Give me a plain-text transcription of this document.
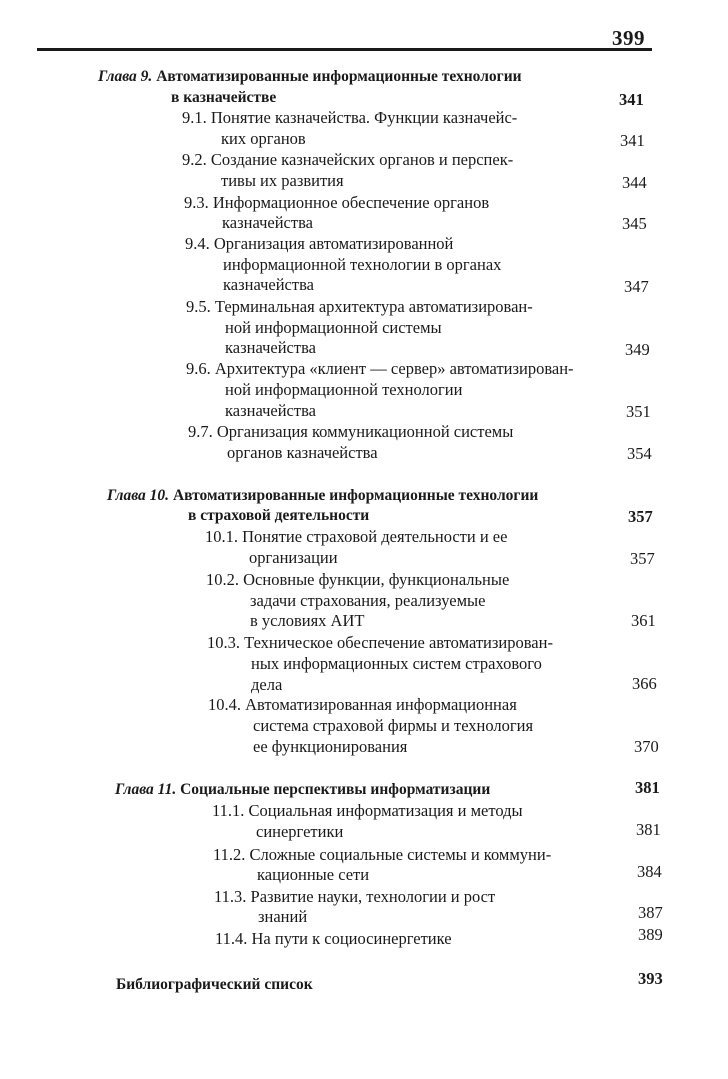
399
Глава 9. Автоматизированные информационные технологии
в казначействе	341
9.1. Понятие казначейства. Функции казначейс-
ких органов	341
9.2. Создание казначейских органов и перспек-
тивы их развития	344
9.3. Информационное обеспечение органов
казначейства	345
9.4. Организация автоматизированной
информационной технологии в органах
казначейства	347
9.5. Терминальная архитектура автоматизирован-
ной информационной системы
казначейства	349
9.6. Архитектура «клиент — сервер» автоматизирован-
ной информационной технологии
казначейства	351
9.7. Организация коммуникационной системы
органов казначейства	354
Глава 10. Автоматизированные информационные технологии
в страховой деятельности	357
10.1. Понятие страховой деятельности и ее
организации	357
10.2. Основные функции, функциональные
задачи страхования, реализуемые
в условиях АИТ	361
10.3. Техническое обеспечение автоматизирован-
ных информационных систем страхового
дела	366
10.4. Автоматизированная информационная
система страховой фирмы и технология
ее функционирования	370
Глава 11. Социальные перспективы информатизации	381
11.1. Социальная информатизация и методы
синергетики	381
11.2. Сложные социальные системы и коммуни-
кационные сети	384
11.3. Развитие науки, технологии и рост
знаний	387
11.4. На пути к социосинергетике	389
Библиографический список	393
